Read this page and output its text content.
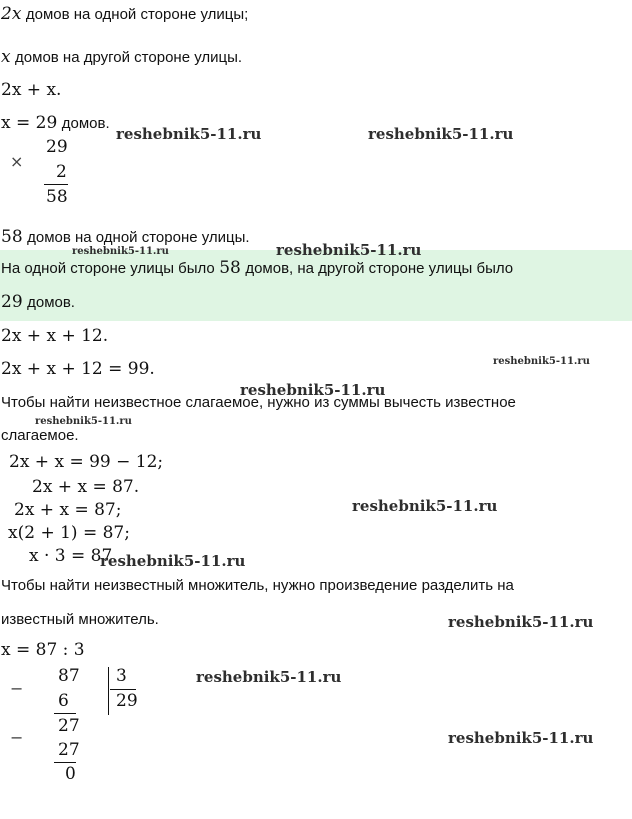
2x домов на одной стороне улицы;
x домов на другой стороне улицы.
2x + x.
x = 29 домов.
×
29
2
58
58 домов на одной стороне улицы.
На одной стороне улицы было 58 домов, на другой стороне улицы было
29 домов.
2x + x + 12.
2x + x + 12 = 99.
Чтобы найти неизвестное слагаемое, нужно из суммы вычесть известное
слагаемое.
2x + x = 99 − 12;
2x + x = 87.
2x + x = 87;
x(2 + 1) = 87;
x · 3 = 87
Чтобы найти неизвестный множитель, нужно произведение разделить на
известный множитель.
x = 87 : 3
−
87
6
3
29
27
−
27
0
reshebnik5-11.ru	reshebnik5-11.ru
reshebnik5-11.ru	reshebnik5-11.ru
reshebnik5-11.ru
reshebnik5-11.ru
reshebnik5-11.ru
reshebnik5-11.ru
reshebnik5-11.ru
reshebnik5-11.ru
reshebnik5-11.ru
reshebnik5-11.ru
